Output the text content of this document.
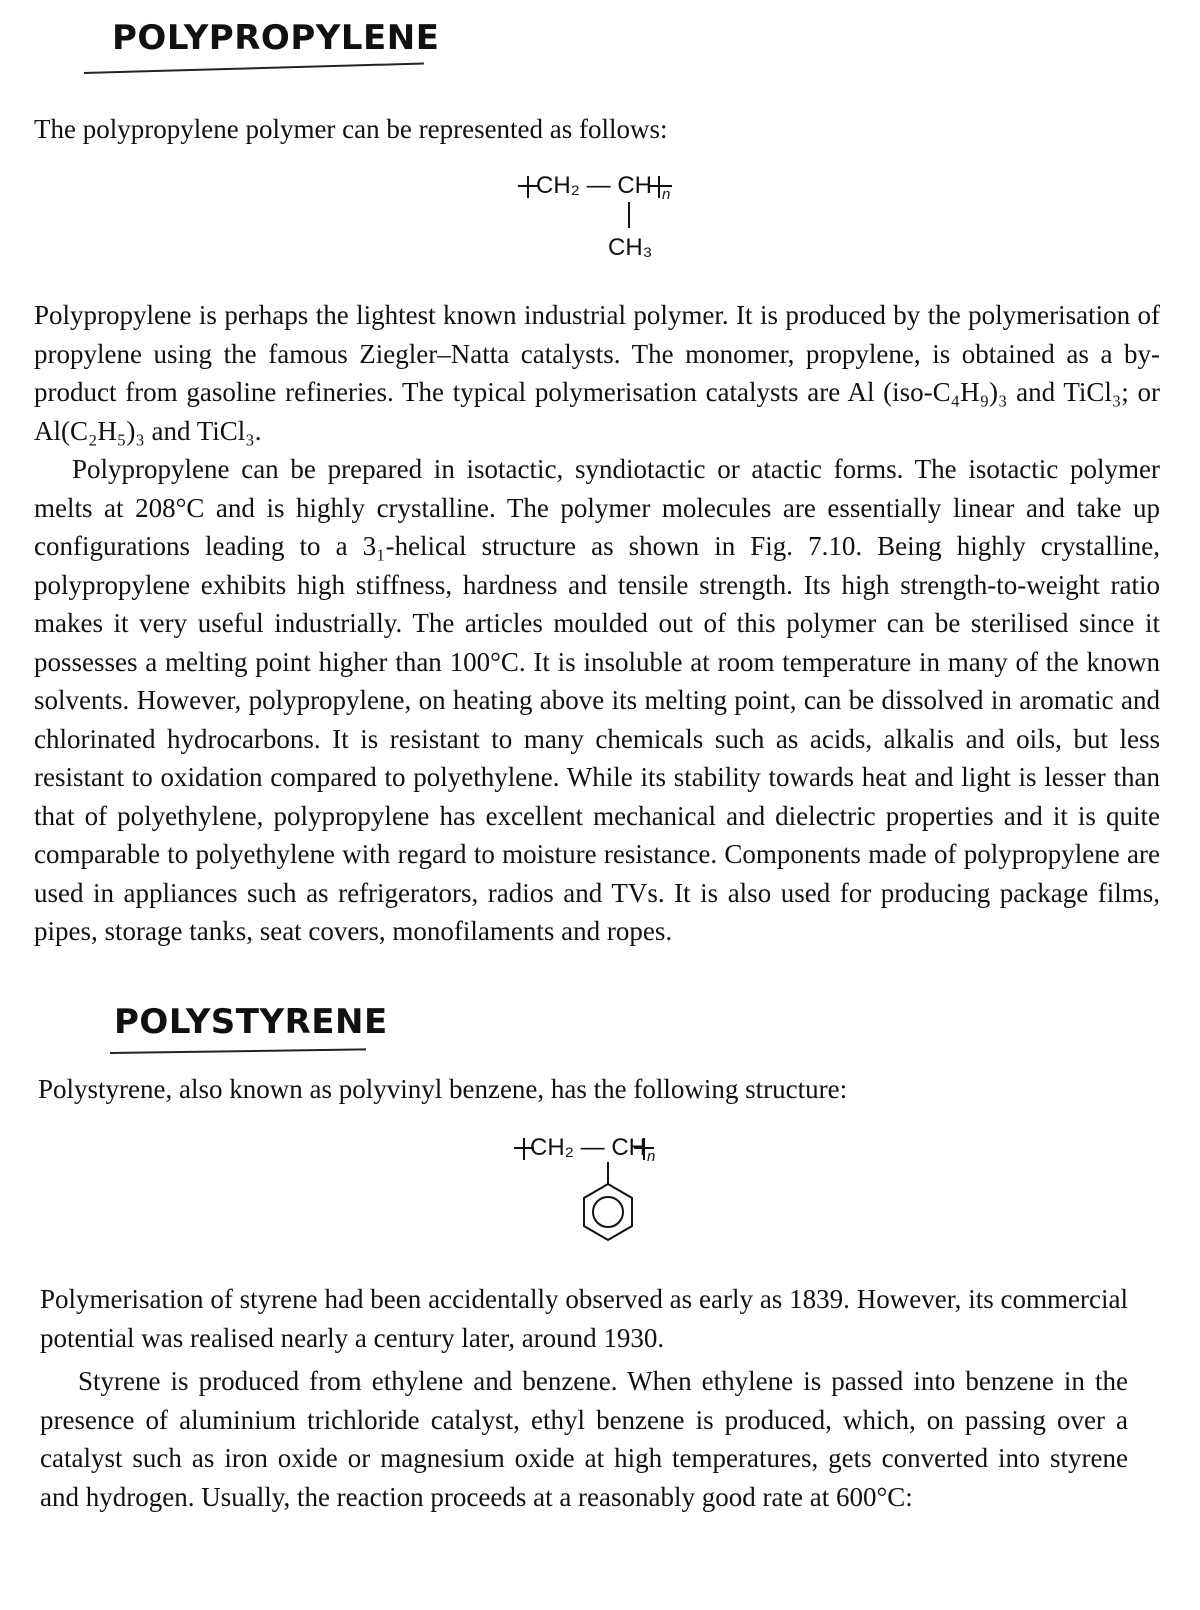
POLYPROPYLENE

The polypropylene polymer can be represented as follows:

CH₂ — CH n
CH₃

Polypropylene is perhaps the lightest known industrial polymer. It is produced by the polymerisation of propylene using the famous Ziegler–Natta catalysts. The monomer, propylene, is obtained as a by-product from gasoline refineries. The typical polymerisation catalysts are Al (iso-C₄H₉)₃ and TiCl₃; or Al(C₂H₅)₃ and TiCl₃.

Polypropylene can be prepared in isotactic, syndiotactic or atactic forms. The isotactic polymer melts at 208°C and is highly crystalline. The polymer molecules are essentially linear and take up configurations leading to a 3₁-helical structure as shown in Fig. 7.10. Being highly crystalline, polypropylene exhibits high stiffness, hardness and tensile strength. Its high strength-to-weight ratio makes it very useful industrially. The articles moulded out of this polymer can be sterilised since it possesses a melting point higher than 100°C. It is insoluble at room temperature in many of the known solvents. However, polypropylene, on heating above its melting point, can be dissolved in aromatic and chlorinated hydrocarbons. It is resistant to many chemicals such as acids, alkalis and oils, but less resistant to oxidation compared to polyethylene. While its stability towards heat and light is lesser than that of polyethylene, polypropylene has excellent mechanical and dielectric properties and it is quite comparable to polyethylene with regard to moisture resistance. Components made of polypropylene are used in appliances such as refrigerators, radios and TVs. It is also used for producing package films, pipes, storage tanks, seat covers, monofilaments and ropes.

POLYSTYRENE

Polystyrene, also known as polyvinyl benzene, has the following structure:

CH₂ — CH n

Polymerisation of styrene had been accidentally observed as early as 1839. However, its commercial potential was realised nearly a century later, around 1930.

Styrene is produced from ethylene and benzene. When ethylene is passed into benzene in the presence of aluminium trichloride catalyst, ethyl benzene is produced, which, on passing over a catalyst such as iron oxide or magnesium oxide at high temperatures, gets converted into styrene and hydrogen. Usually, the reaction proceeds at a reasonably good rate at 600°C:
